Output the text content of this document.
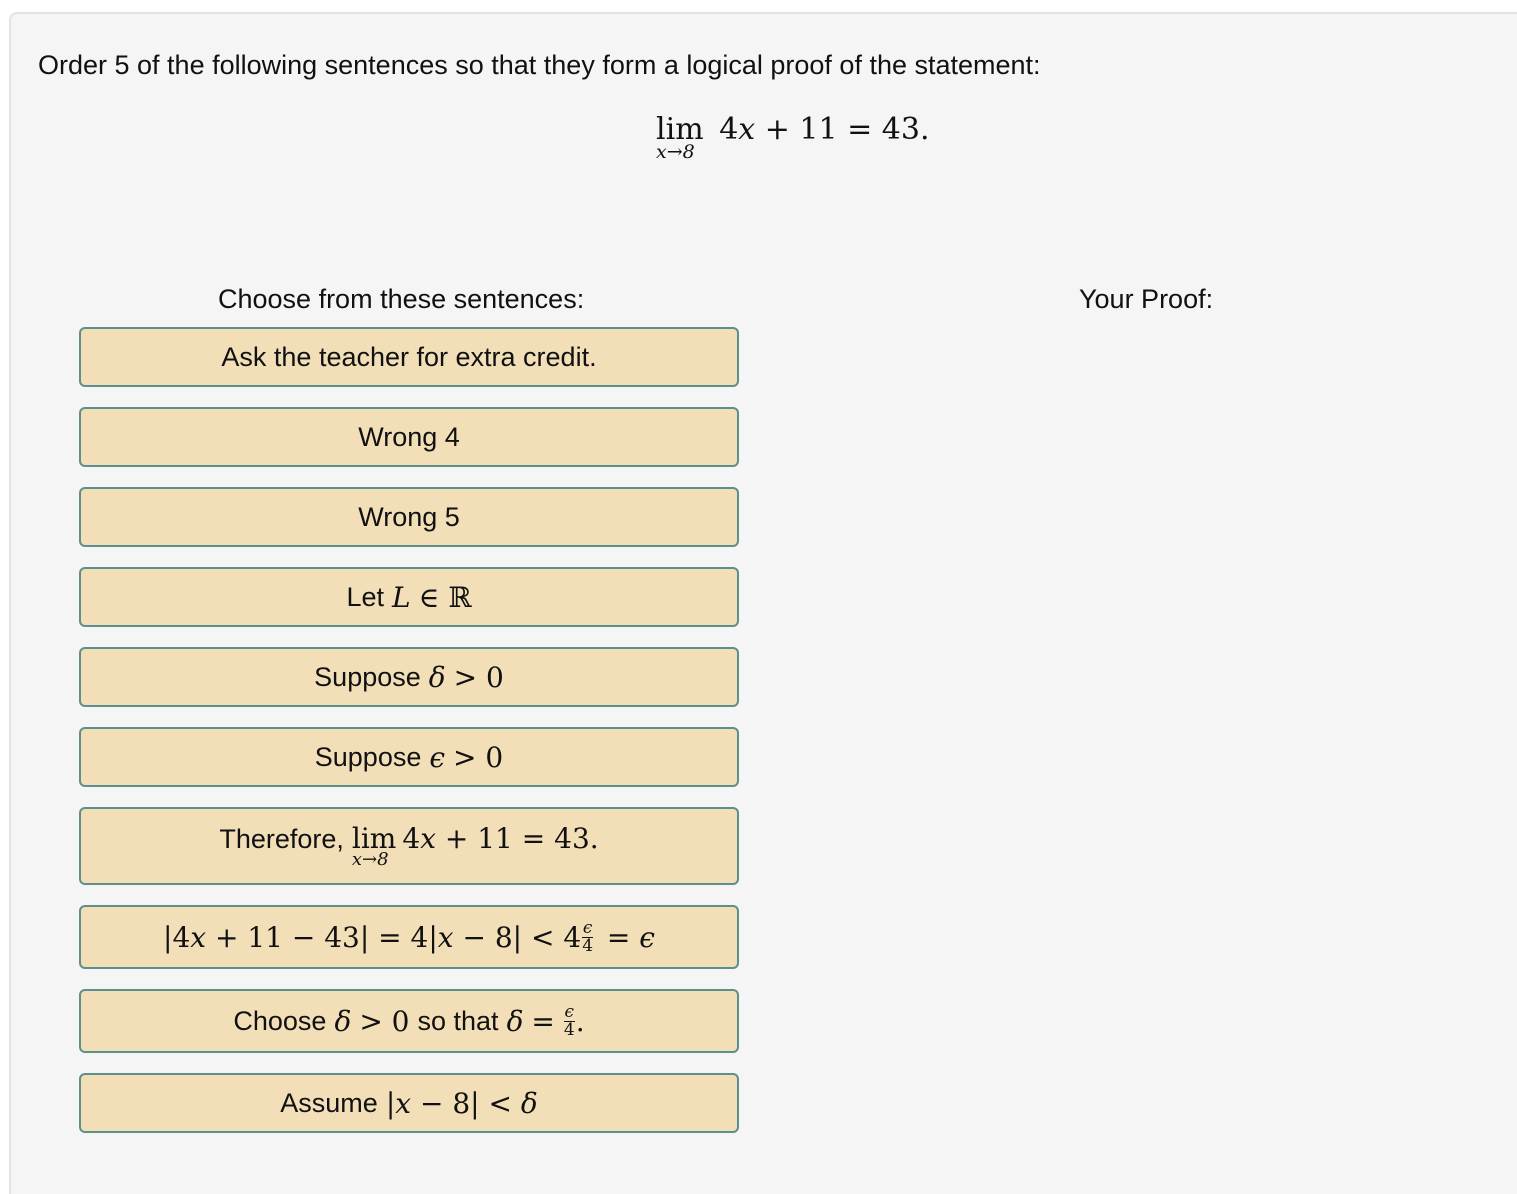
Order 5 of the following sentences so that they form a logical proof of the statement:
lim
x→8
4x + 11 = 43.
Choose from these sentences:	Your Proof:
Ask the teacher for extra credit.
Wrong 4
Wrong 5
Let L ∈ ℝ
Suppose δ > 0
Suppose ϵ > 0
Therefore, lim
x→8
4 x + 11 = 43.
|4 x + 11 − 43| = 4| $x - 8| < 4 \frac{\epsilon}{4} = \epsilon$
Choose δ > 0 so that $\delta = \frac{\epsilon}{4}$ .
Assume | x − 8| < δ
